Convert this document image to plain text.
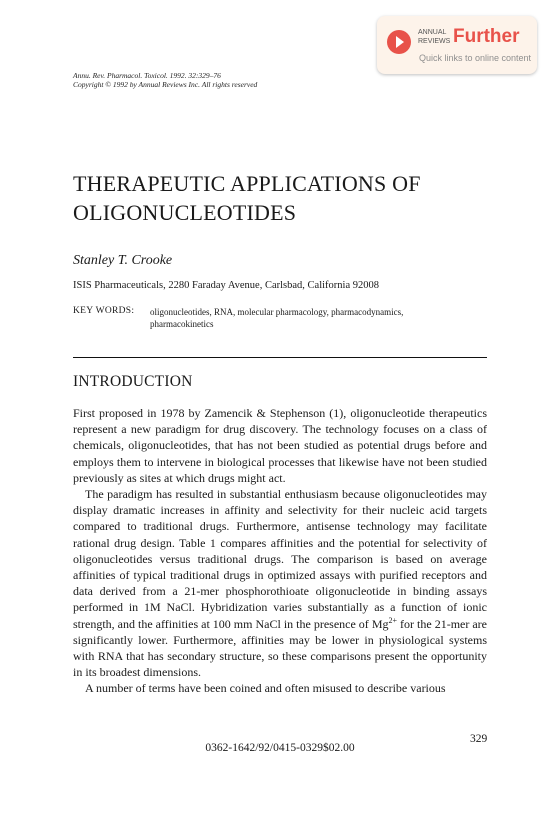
ANNUAL
REVIEWS Further
Quick links to online content
Annu. Rev. Pharmacol. Toxicol. 1992. 32:329–76
Copyright © 1992 by Annual Reviews Inc. All rights reserved
THERAPEUTIC APPLICATIONS OF
OLIGONUCLEOTIDES
Stanley T. Crooke
ISIS Pharmaceuticals, 2280 Faraday Avenue, Carlsbad, California 92008
KEY WORDS: oligonucleotides, RNA, molecular pharmacology, pharmacodynamics,
pharmacokinetics
INTRODUCTION

First proposed in 1978 by Zamencik & Stephenson (1), oligonucleotide therapeutics represent a new paradigm for drug discovery. The technology focuses on a class of chemicals, oligonucleotides, that has not been studied as potential drugs before and employs them to intervene in biological processes that likewise have not been studied previously as sites at which drugs might act.

The paradigm has resulted in substantial enthusiasm because oligonucleotides may display dramatic increases in affinity and selectivity for their nucleic acid targets compared to traditional drugs. Furthermore, antisense technology may facilitate rational drug design. Table 1 compares affinities and the potential for selectivity of oligonucleotides versus traditional drugs. The comparison is based on average affinities of typical traditional drugs in optimized assays with purified receptors and data derived from a 21-mer phosphorothioate oligonucleotide in binding assays performed in 1M NaCl. Hybridization varies substantially as a function of ionic strength, and the affinities at 100 mm NaCl in the presence of $Mg^{2+}$ for the 21-mer are significantly lower. Furthermore, affinities may be lower in physiological systems with RNA that has secondary structure, so these comparisons present the opportunity in its broadest dimensions.

A number of terms have been coined and often misused to describe various

329
0362-1642/92/0415-0329$02.00
